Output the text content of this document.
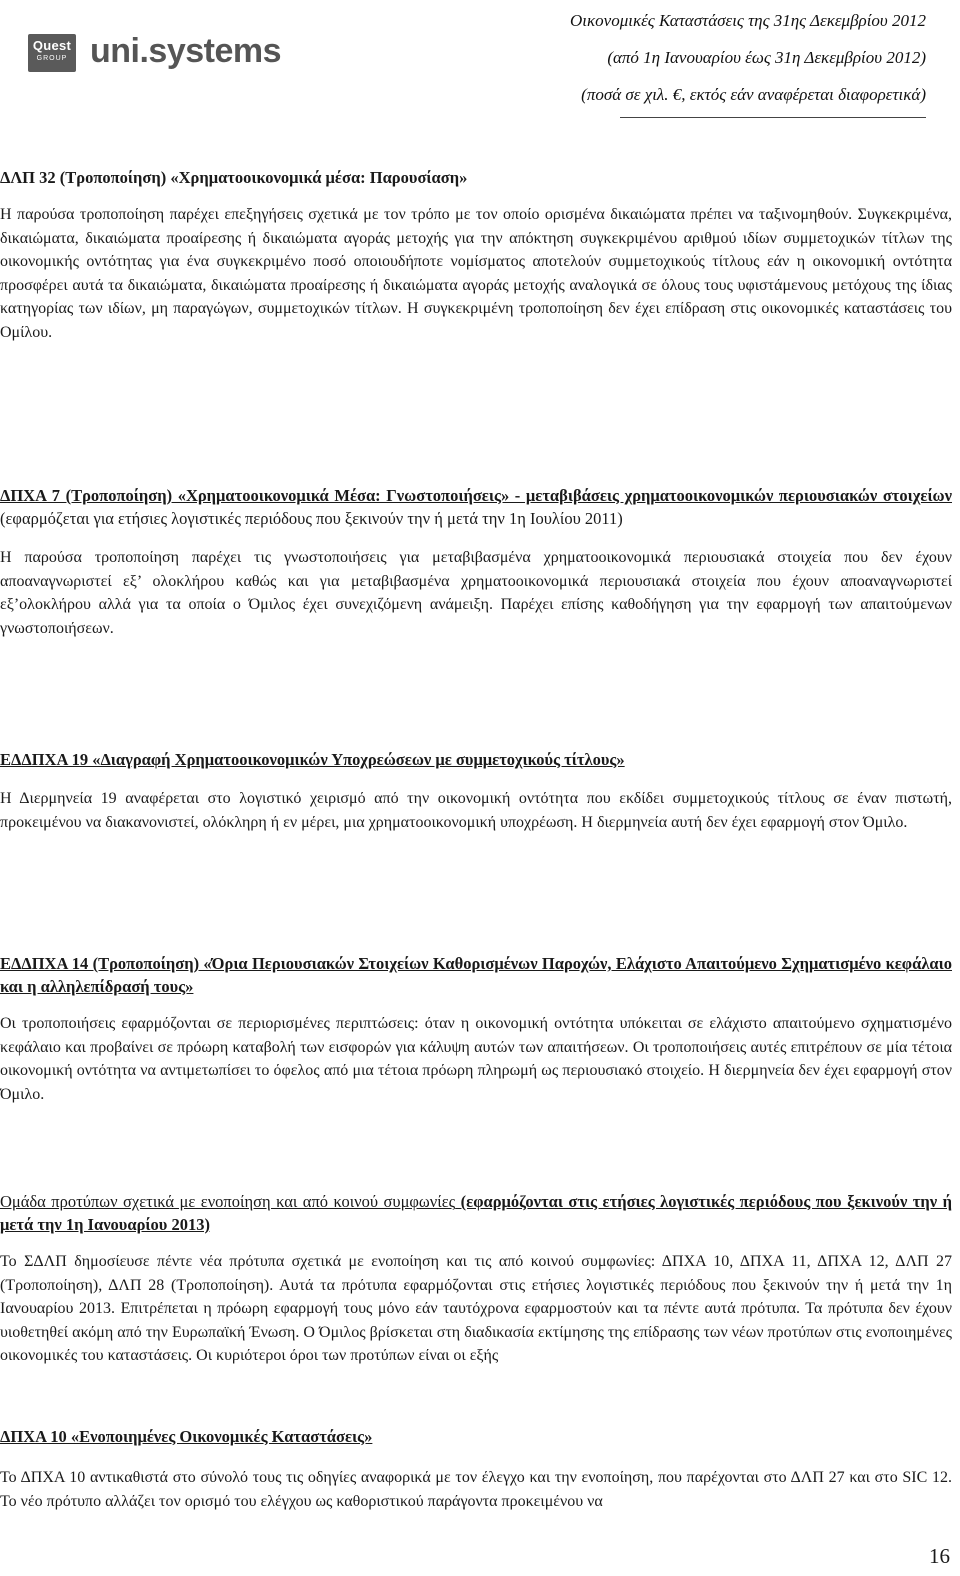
Quest
GROUP uni.systems
Οικονομικές Καταστάσεις της 31ης Δεκεμβρίου 2012
(από 1η Ιανουαρίου έως 31η Δεκεμβρίου 2012)
(ποσά σε χιλ. €, εκτός εάν αναφέρεται διαφορετικά)
ΔΛΠ 32 (Τροποποίηση) «Χρηματοοικονομικά μέσα: Παρουσίαση»

Η παρούσα τροποποίηση παρέχει επεξηγήσεις σχετικά με τον τρόπο με τον οποίο ορισμένα δικαιώματα πρέπει να ταξινομηθούν. Συγκεκριμένα, δικαιώματα, δικαιώματα προαίρεσης ή δικαιώματα αγοράς μετοχής για την απόκτηση συγκεκριμένου αριθμού ιδίων συμμετοχικών τίτλων της οικονομικής οντότητας για ένα συγκεκριμένο ποσό οποιουδήποτε νομίσματος αποτελούν συμμετοχικούς τίτλους εάν η οικονομική οντότητα προσφέρει αυτά τα δικαιώματα, δικαιώματα προαίρεσης ή δικαιώματα αγοράς μετοχής αναλογικά σε όλους τους υφιστάμενους μετόχους της ίδιας κατηγορίας των ιδίων, μη παραγώγων, συμμετοχικών τίτλων. Η συγκεκριμένη τροποποίηση δεν έχει επίδραση στις οικονομικές καταστάσεις του Ομίλου.

ΔΠΧΑ 7 (Τροποποίηση) «Χρηματοοικονομικά Μέσα: Γνωστοποιήσεις» - μεταβιβάσεις χρηματοοικονομικών περιουσιακών στοιχείων (εφαρμόζεται για ετήσιες λογιστικές περιόδους που ξεκινούν την ή μετά την 1η Ιουλίου 2011)

Η παρούσα τροποποίηση παρέχει τις γνωστοποιήσεις για μεταβιβασμένα χρηματοοικονομικά περιουσιακά στοιχεία που δεν έχουν αποαναγνωριστεί εξ’ ολοκλήρου καθώς και για μεταβιβασμένα χρηματοοικονομικά περιουσιακά στοιχεία που έχουν αποαναγνωριστεί εξ’ολοκλήρου αλλά για τα οποία ο Όμιλος έχει συνεχιζόμενη ανάμειξη. Παρέχει επίσης καθοδήγηση για την εφαρμογή των απαιτούμενων γνωστοποιήσεων.

ΕΔΔΠΧΑ 19 «Διαγραφή Χρηματοοικονομικών Υποχρεώσεων με συμμετοχικούς τίτλους»

Η Διερμηνεία 19 αναφέρεται στο λογιστικό χειρισμό από την οικονομική οντότητα που εκδίδει συμμετοχικούς τίτλους σε έναν πιστωτή, προκειμένου να διακανονιστεί, ολόκληρη ή εν μέρει, μια χρηματοοικονομική υποχρέωση. Η διερμηνεία αυτή δεν έχει εφαρμογή στον Όμιλο.

ΕΔΔΠΧΑ 14 (Τροποποίηση) «Όρια Περιουσιακών Στοιχείων Καθορισμένων Παροχών, Ελάχιστο Απαιτούμενο Σχηματισμένο κεφάλαιο και η αλληλεπίδρασή τους»

Οι τροποποιήσεις εφαρμόζονται σε περιορισμένες περιπτώσεις: όταν η οικονομική οντότητα υπόκειται σε ελάχιστο απαιτούμενο σχηματισμένο κεφάλαιο και προβαίνει σε πρόωρη καταβολή των εισφορών για κάλυψη αυτών των απαιτήσεων. Οι τροποποιήσεις αυτές επιτρέπουν σε μία τέτοια οικονομική οντότητα να αντιμετωπίσει το όφελος από μια τέτοια πρόωρη πληρωμή ως περιουσιακό στοιχείο. Η διερμηνεία δεν έχει εφαρμογή στον Όμιλο.

Ομάδα προτύπων σχετικά με ενοποίηση και από κοινού συμφωνίες (εφαρμόζονται στις ετήσιες λογιστικές περιόδους που ξεκινούν την ή μετά την 1η Ιανουαρίου 2013)

Το ΣΔΛΠ δημοσίευσε πέντε νέα πρότυπα σχετικά με ενοποίηση και τις από κοινού συμφωνίες: ΔΠΧΑ 10, ΔΠΧΑ 11, ΔΠΧΑ 12, ΔΛΠ 27 (Τροποποίηση), ΔΛΠ 28 (Τροποποίηση). Αυτά τα πρότυπα εφαρμόζονται στις ετήσιες λογιστικές περιόδους που ξεκινούν την ή μετά την 1η Ιανουαρίου 2013. Επιτρέπεται η πρόωρη εφαρμογή τους μόνο εάν ταυτόχρονα εφαρμοστούν και τα πέντε αυτά πρότυπα. Τα πρότυπα δεν έχουν υιοθετηθεί ακόμη από την Ευρωπαϊκή Ένωση. Ο Όμιλος βρίσκεται στη διαδικασία εκτίμησης της επίδρασης των νέων προτύπων στις ενοποιημένες οικονομικές του καταστάσεις. Οι κυριότεροι όροι των προτύπων είναι οι εξής

ΔΠΧΑ 10 «Ενοποιημένες Οικονομικές Καταστάσεις»

Το ΔΠΧΑ 10 αντικαθιστά στο σύνολό τους τις οδηγίες αναφορικά με τον έλεγχο και την ενοποίηση, που παρέχονται στο ΔΛΠ 27 και στο SIC 12. Το νέο πρότυπο αλλάζει τον ορισμό του ελέγχου ως καθοριστικού παράγοντα προκειμένου να

16
